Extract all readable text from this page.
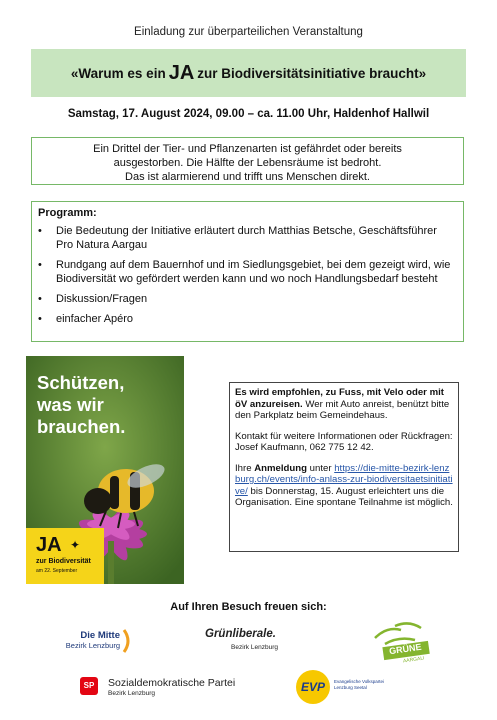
Einladung zur überparteilichen Veranstaltung
«Warum es ein JA zur Biodiversitätsinitiative braucht»
Samstag, 17. August 2024, 09.00 – ca. 11.00 Uhr, Haldenhof Hallwil

Ein Drittel der Tier- und Pflanzenarten ist gefährdet oder bereits

ausgestorben. Die Hälfte der Lebensräume ist bedroht.

Das ist alarmierend und trifft uns Menschen direkt.

Programm:
• Die Bedeutung der Initiative erläutert durch Matthias Betsche, Geschäftsführer Pro Natura Aargau
• Rundgang auf dem Bauernhof und im Siedlungsgebiet, bei dem gezeigt wird, wie Biodiversität wo gefördert werden kann und wo noch Handlungsbedarf besteht
• Diskussion/Fragen
• einfacher Apéro
Schützen,
was wir
brauchen.
JA ✦
zur Biodiversität
am 22. September

Es wird empfohlen, zu Fuss, mit Velo oder mit öV anzureisen. Wer mit Auto anreist, benützt bitte den Parkplatz beim Gemeindehaus.

Kontakt für weitere Informationen oder Rückfragen:
Josef Kaufmann, 062 775 12 42.

Ihre Anmeldung unter https://die-mitte-bezirk-lenzburg.ch/events/info-anlass-zur-biodiversitaetsinitiative/ bis Donnerstag, 15. August erleichtert uns die Organisation. Eine spontane Teilnahme ist möglich.

Auf Ihren Besuch freuen sich:
Die Mitte
Bezirk Lenzburg
Grünliberale.
Bezirk Lenzburg	GRÜNE
AARGAU
SP	Sozialdemokratische Partei
Bezirk Lenzburg	EVP Evangelische Volkspartei
Lenzburg Seetal
